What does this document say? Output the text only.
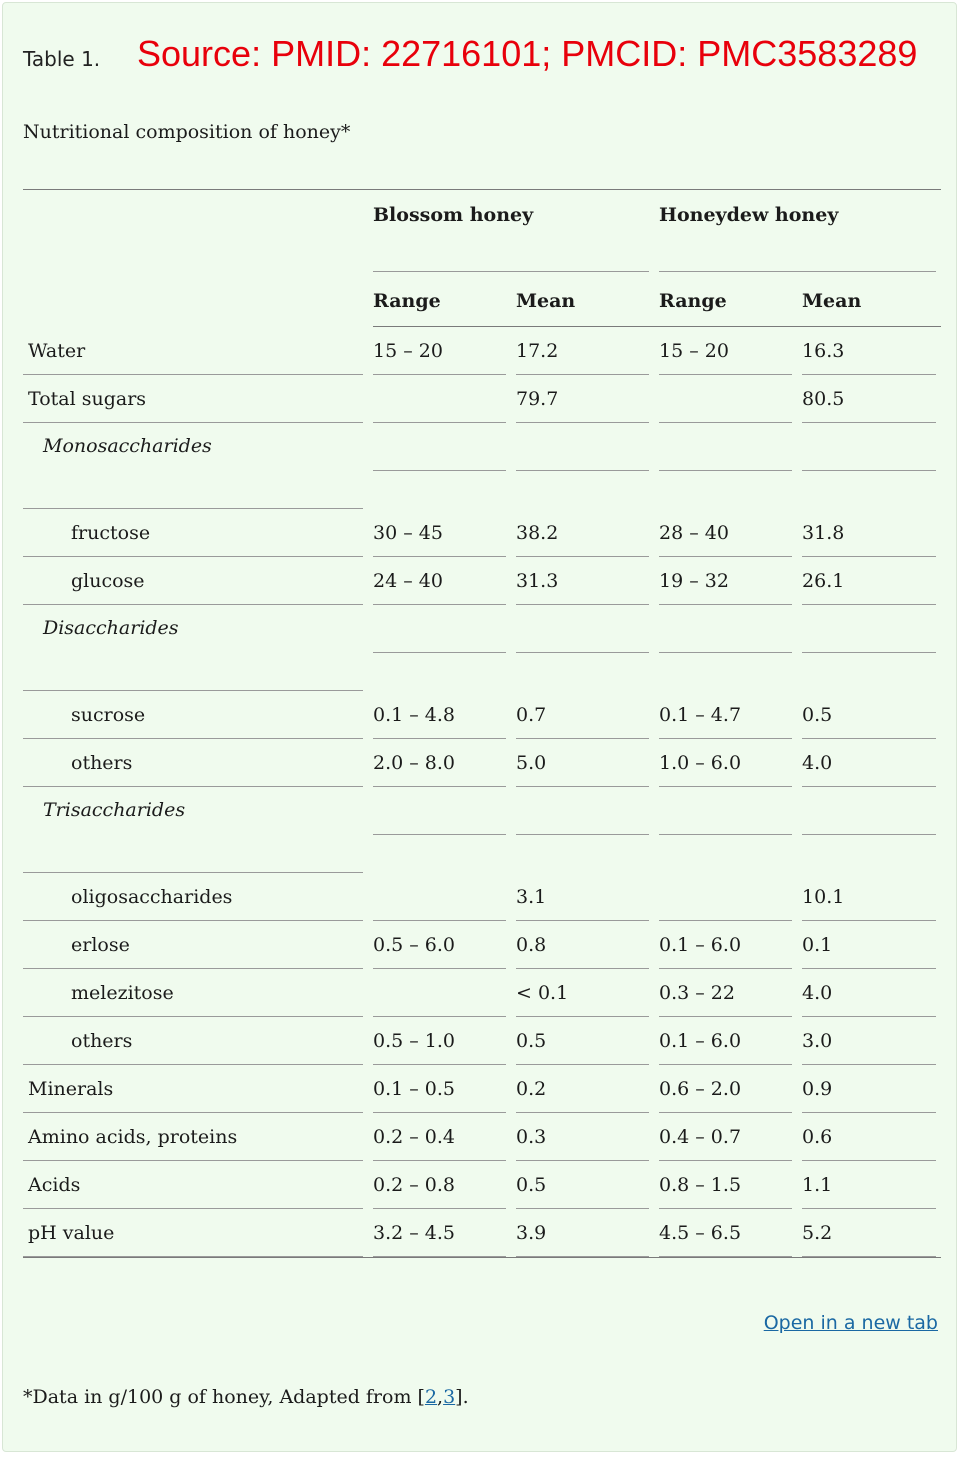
Table 1. Source: PMID: 22716101; PMCID: PMC3583289
Nutritional composition of honey*

	Blossom honey		Honeydew honey	

	Range	Mean	Range	Mean

Water	15 – 20	17.2	15 – 20	16.3

Total sugars		79.7		80.5

Monosaccharides				

fructose	30 – 45	38.2	28 – 40	31.8

glucose	24 – 40	31.3	19 – 32	26.1

Disaccharides				

sucrose	0.1 – 4.8	0.7	0.1 – 4.7	0.5

others	2.0 – 8.0	5.0	1.0 – 6.0	4.0

Trisaccharides				

oligosaccharides		3.1		10.1

erlose	0.5 – 6.0	0.8	0.1 – 6.0	0.1

melezitose		< 0.1	0.3 – 22	4.0

others	0.5 – 1.0	0.5	0.1 – 6.0	3.0

Minerals	0.1 – 0.5	0.2	0.6 – 2.0	0.9

Amino acids, proteins	0.2 – 0.4	0.3	0.4 – 0.7	0.6

Acids	0.2 – 0.8	0.5	0.8 – 1.5	1.1

pH value	3.2 – 4.5	3.9	4.5 – 6.5	5.2
Open in a new tab
*Data in g/100 g of honey, Adapted from [2,3].
